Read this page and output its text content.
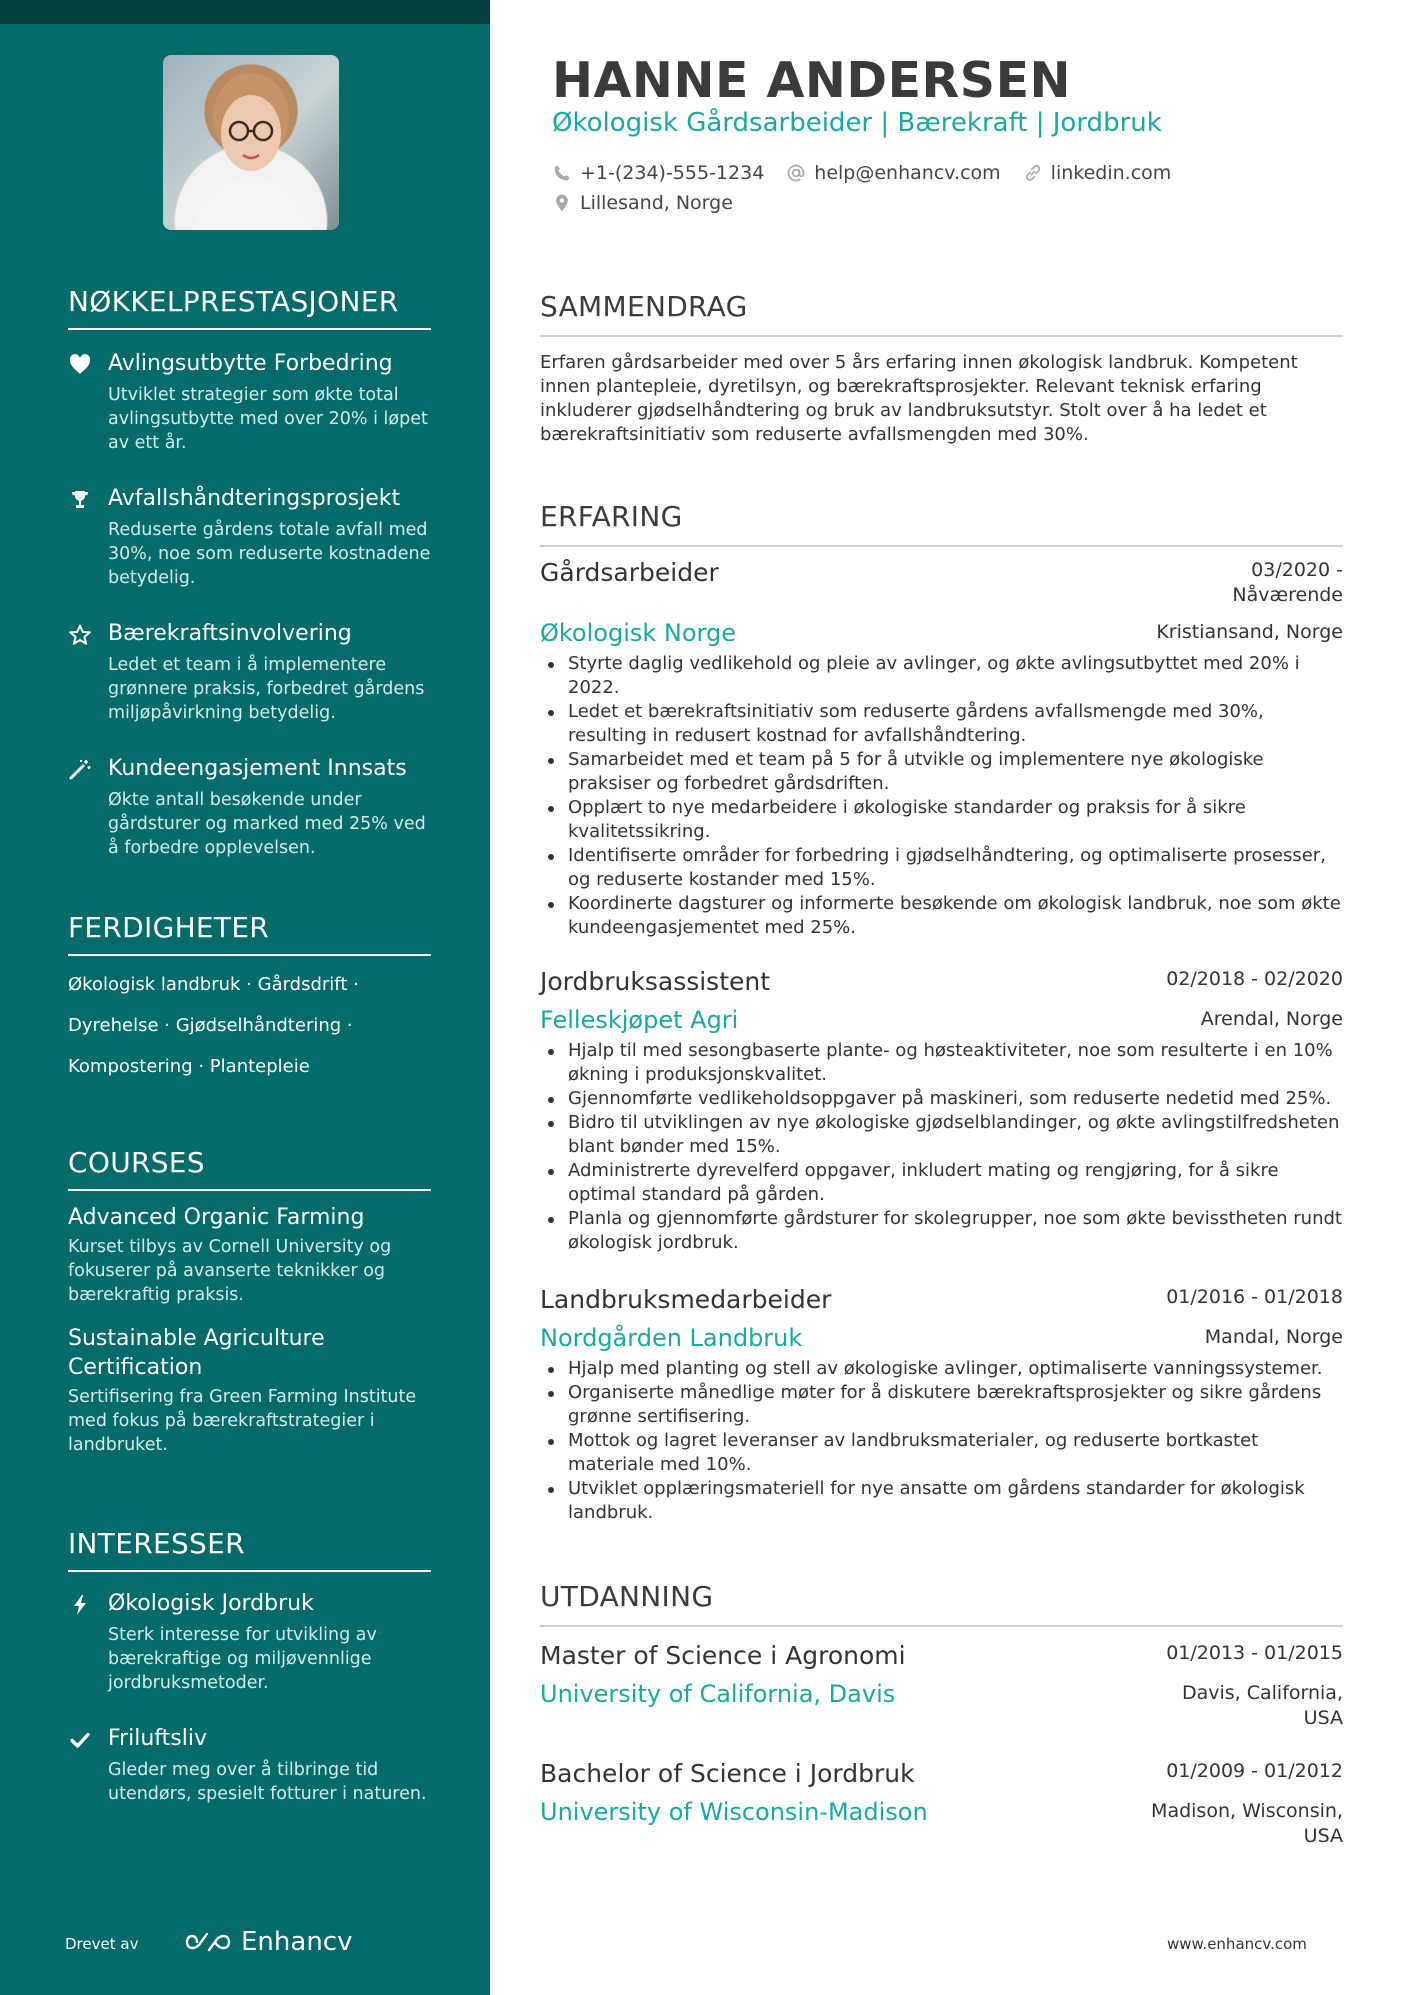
NØKKELPRESTASJONER
Avlingsutbytte Forbedring
Utviklet strategier som økte total avlingsutbytte med over 20% i løpet av ett år.
Avfallshåndteringsprosjekt
Reduserte gårdens totale avfall med 30%, noe som reduserte kostnadene betydelig.
Bærekraftsinvolvering
Ledet et team i å implementere grønnere praksis, forbedret gårdens miljøpåvirkning betydelig.
Kundeengasjement Innsats
Økte antall besøkende under gårdsturer og marked med 25% ved å forbedre opplevelsen.
FERDIGHETER
Økologisk landbruk · Gårdsdrift ·
Dyrehelse · Gjødselhåndtering ·
Kompostering · Plantepleie
COURSES
Advanced Organic Farming
Kurset tilbys av Cornell University og fokuserer på avanserte teknikker og bærekraftig praksis.
Sustainable Agriculture Certification
Sertifisering fra Green Farming Institute med fokus på bærekraftstrategier i landbruket.
INTERESSER
Økologisk Jordbruk
Sterk interesse for utvikling av bærekraftige og miljøvennlige jordbruksmetoder.
Friluftsliv
Gleder meg over å tilbringe tid utendørs, spesielt fotturer i naturen.
Drevet av	Enhancv
HANNE ANDERSEN
Økologisk Gårdsarbeider | Bærekraft | Jordbruk
+1-(234)-555-1234	help@enhancv.com	linkedin.com
Lillesand, Norge
SAMMENDRAG
Erfaren gårdsarbeider med over 5 års erfaring innen økologisk landbruk. Kompetent innen plantepleie, dyretilsyn, og bærekraftsprosjekter. Relevant teknisk erfaring inkluderer gjødselhåndtering og bruk av landbruksutstyr. Stolt over å ha ledet et bærekraftsinitiativ som reduserte avfallsmengden med 30%.
ERFARING
Gårdsarbeider	03/2020 -
Nåværende
Økologisk Norge	Kristiansand, Norge
Styrte daglig vedlikehold og pleie av avlinger, og økte avlingsutbyttet med 20% i 2022.
Ledet et bærekraftsinitiativ som reduserte gårdens avfallsmengde med 30%, resulting in redusert kostnad for avfallshåndtering.
Samarbeidet med et team på 5 for å utvikle og implementere nye økologiske praksiser og forbedret gårdsdriften.
Opplært to nye medarbeidere i økologiske standarder og praksis for å sikre kvalitetssikring.
Identifiserte områder for forbedring i gjødselhåndtering, og optimaliserte prosesser, og reduserte kostander med 15%.
Koordinerte dagsturer og informerte besøkende om økologisk landbruk, noe som økte kundeengasjementet med 25%.
Jordbruksassistent	02/2018 - 02/2020
Felleskjøpet Agri	Arendal, Norge
Hjalp til med sesongbaserte plante- og høsteaktiviteter, noe som resulterte i en 10% økning i produksjonskvalitet.
Gjennomførte vedlikeholdsoppgaver på maskineri, som reduserte nedetid med 25%.
Bidro til utviklingen av nye økologiske gjødselblandinger, og økte avlingstilfredsheten blant bønder med 15%.
Administrerte dyrevelferd oppgaver, inkludert mating og rengjøring, for å sikre optimal standard på gården.
Planla og gjennomførte gårdsturer for skolegrupper, noe som økte bevisstheten rundt økologisk jordbruk.
Landbruksmedarbeider	01/2016 - 01/2018
Nordgården Landbruk	Mandal, Norge
Hjalp med planting og stell av økologiske avlinger, optimaliserte vanningssystemer.
Organiserte månedlige møter for å diskutere bærekraftsprosjekter og sikre gårdens grønne sertifisering.
Mottok og lagret leveranser av landbruksmaterialer, og reduserte bortkastet materiale med 10%.
Utviklet opplæringsmateriell for nye ansatte om gårdens standarder for økologisk landbruk.
UTDANNING
Master of Science i Agronomi	01/2013 - 01/2015
University of California, Davis	Davis, California,
USA
Bachelor of Science i Jordbruk	01/2009 - 01/2012
University of Wisconsin-Madison	Madison, Wisconsin,
USA
www.enhancv.com
